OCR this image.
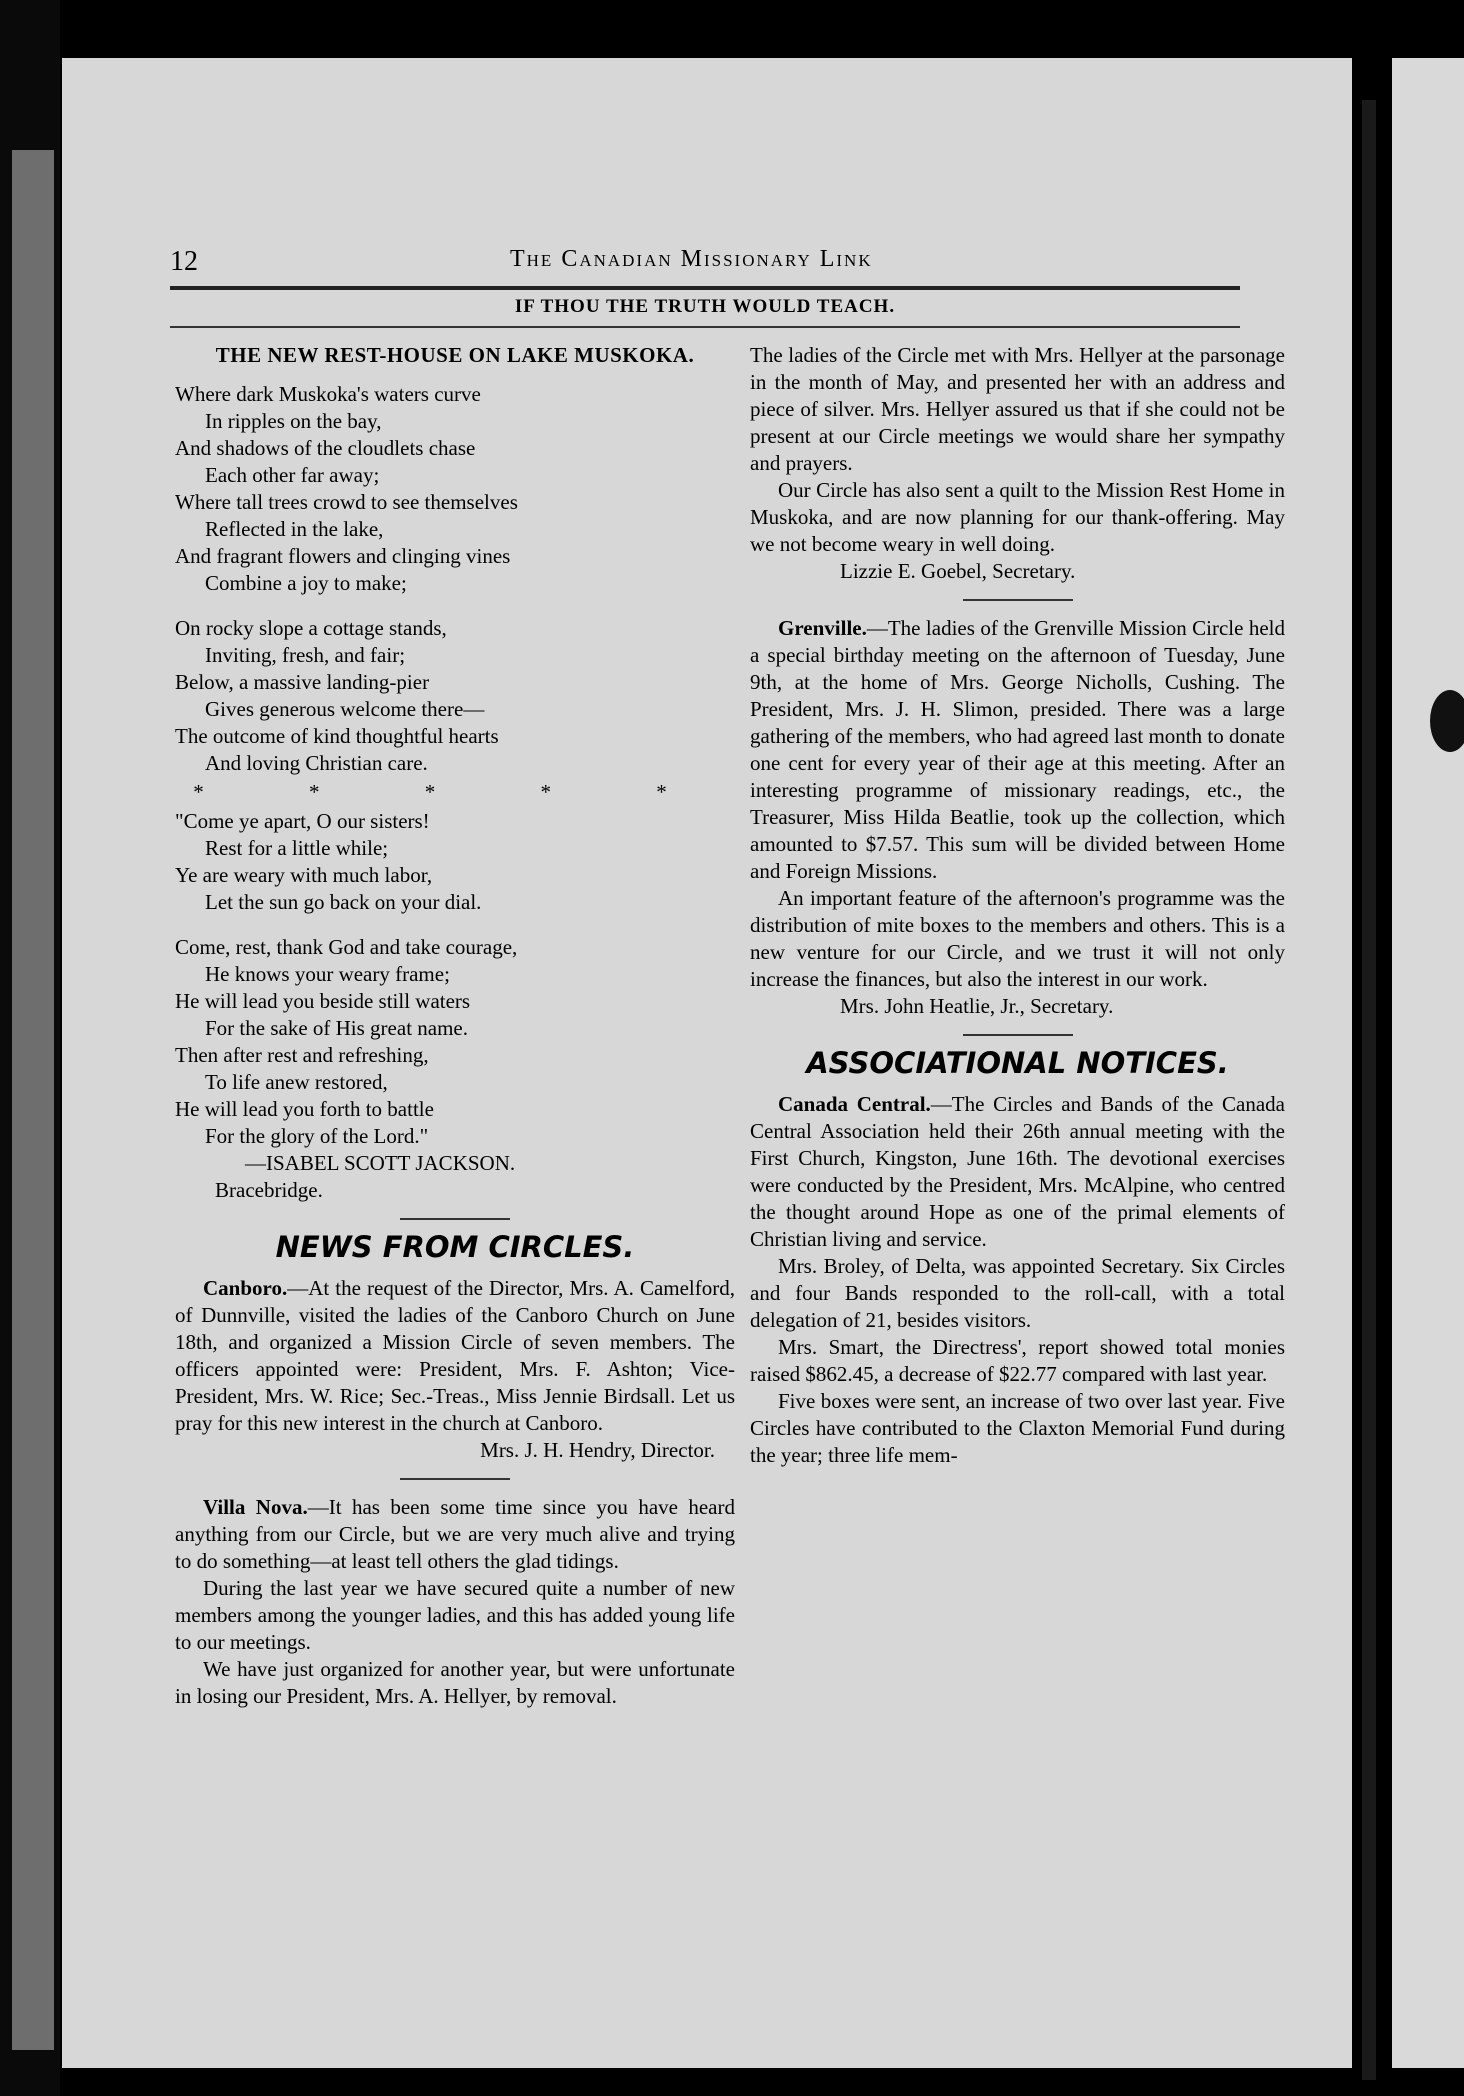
12	The Canadian Missionary Link
IF THOU THE TRUTH WOULD TEACH.
THE NEW REST-HOUSE ON LAKE MUSKOKA.
Where dark Muskoka's waters curve
In ripples on the bay,
And shadows of the cloudlets chase
Each other far away;
Where tall trees crowd to see themselves
Reflected in the lake,
And fragrant flowers and clinging vines
Combine a joy to make;
On rocky slope a cottage stands,
Inviting, fresh, and fair;
Below, a massive landing-pier
Gives generous welcome there—
The outcome of kind thoughtful hearts
And loving Christian care.
* * * * *
"Come ye apart, O our sisters!
Rest for a little while;
Ye are weary with much labor,
Let the sun go back on your dial.
Come, rest, thank God and take courage,
He knows your weary frame;
He will lead you beside still waters
For the sake of His great name.
Then after rest and refreshing,
To life anew restored,
He will lead you forth to battle
For the glory of the Lord."
—ISABEL SCOTT JACKSON.
Bracebridge.
NEWS FROM CIRCLES.

Canboro.—At the request of the Director, Mrs. A. Camelford, of Dunnville, visited the ladies of the Canboro Church on June 18th, and organized a Mission Circle of seven members. The officers appointed were: President, Mrs. F. Ashton; Vice-President, Mrs. W. Rice; Sec.-Treas., Miss Jennie Birdsall. Let us pray for this new interest in the church at Canboro.

Mrs. J. H. Hendry, Director.

Villa Nova.—It has been some time since you have heard anything from our Circle, but we are very much alive and trying to do something—at least tell others the glad tidings.

During the last year we have secured quite a number of new members among the younger ladies, and this has added young life to our meetings.

We have just organized for another year, but were unfortunate in losing our President, Mrs. A. Hellyer, by removal.

The ladies of the Circle met with Mrs. Hellyer at the parsonage in the month of May, and presented her with an address and piece of silver. Mrs. Hellyer assured us that if she could not be present at our Circle meetings we would share her sympathy and prayers.

Our Circle has also sent a quilt to the Mission Rest Home in Muskoka, and are now planning for our thank-offering. May we not become weary in well doing.

Lizzie E. Goebel, Secretary.

Grenville.—The ladies of the Grenville Mission Circle held a special birthday meeting on the afternoon of Tuesday, June 9th, at the home of Mrs. George Nicholls, Cushing. The President, Mrs. J. H. Slimon, presided. There was a large gathering of the members, who had agreed last month to donate one cent for every year of their age at this meeting. After an interesting programme of missionary readings, etc., the Treasurer, Miss Hilda Beatlie, took up the collection, which amounted to $7.57. This sum will be divided between Home and Foreign Missions.

An important feature of the afternoon's programme was the distribution of mite boxes to the members and others. This is a new venture for our Circle, and we trust it will not only increase the finances, but also the interest in our work.

Mrs. John Heatlie, Jr., Secretary.
ASSOCIATIONAL NOTICES.

Canada Central.—The Circles and Bands of the Canada Central Association held their 26th annual meeting with the First Church, Kingston, June 16th. The devotional exercises were conducted by the President, Mrs. McAlpine, who centred the thought around Hope as one of the primal elements of Christian living and service.

Mrs. Broley, of Delta, was appointed Secretary. Six Circles and four Bands responded to the roll-call, with a total delegation of 21, besides visitors.

Mrs. Smart, the Directress', report showed total monies raised $862.45, a decrease of $22.77 compared with last year.

Five boxes were sent, an increase of two over last year. Five Circles have contributed to the Claxton Memorial Fund during the year; three life mem-
